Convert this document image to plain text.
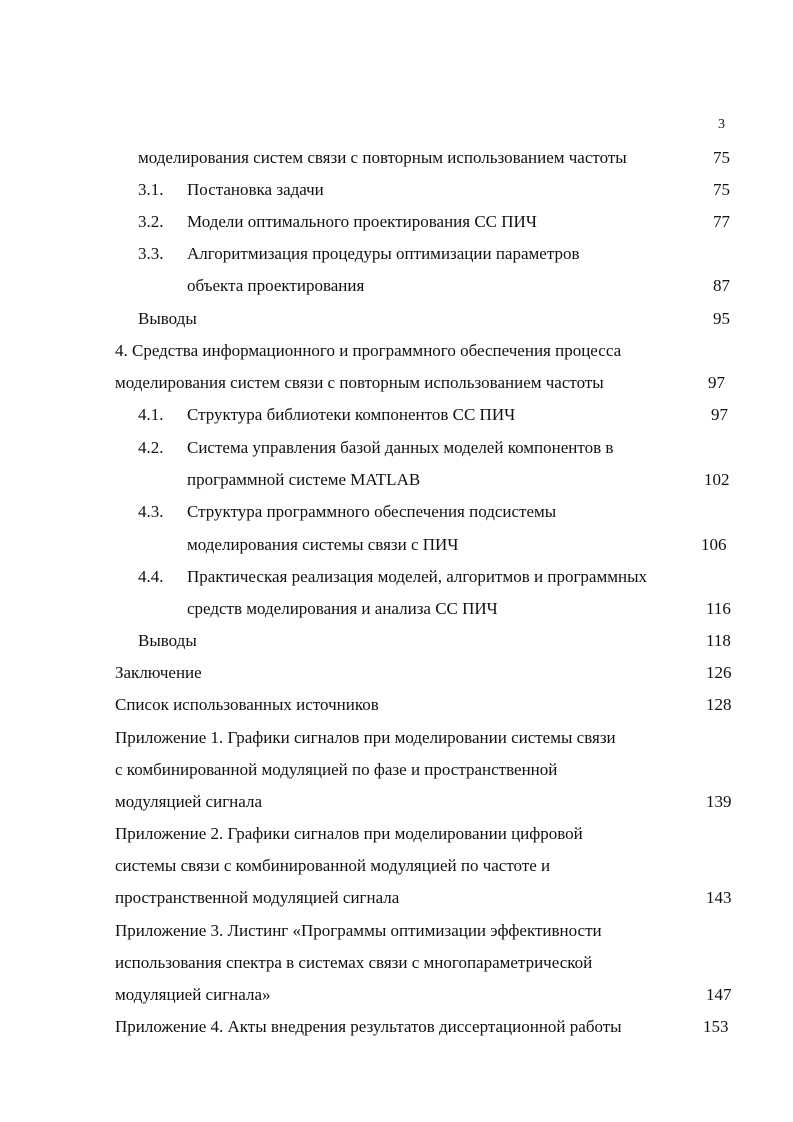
3
моделирования систем связи с повторным использованием частоты	75
3.1. Постановка задачи	75
3.2. Модели оптимального проектирования СС ПИЧ	77
3.3. Алгоритмизация процедуры оптимизации параметров
объекта проектирования	87
Выводы	95
4. Средства информационного и программного обеспечения процесса
моделирования систем связи с повторным использованием частоты	97
4.1. Структура библиотеки компонентов СС ПИЧ	97
4.2. Система управления базой данных моделей компонентов в
программной системе MATLAB	102
4.3. Структура программного обеспечения подсистемы
моделирования системы связи с ПИЧ	106
4.4. Практическая реализация моделей, алгоритмов и программных
средств моделирования и анализа СС ПИЧ	116
Выводы	118
Заключение	126
Список использованных источников	128
Приложение 1. Графики сигналов при моделировании системы связи
с комбинированной модуляцией по фазе и пространственной
модуляцией сигнала	139
Приложение 2. Графики сигналов при моделировании цифровой
системы связи с комбинированной модуляцией по частоте и
пространственной модуляцией сигнала	143
Приложение 3. Листинг «Программы оптимизации эффективности
использования спектра в системах связи с многопараметрической
модуляцией сигнала»	147
Приложение 4. Акты внедрения результатов диссертационной работы	153
